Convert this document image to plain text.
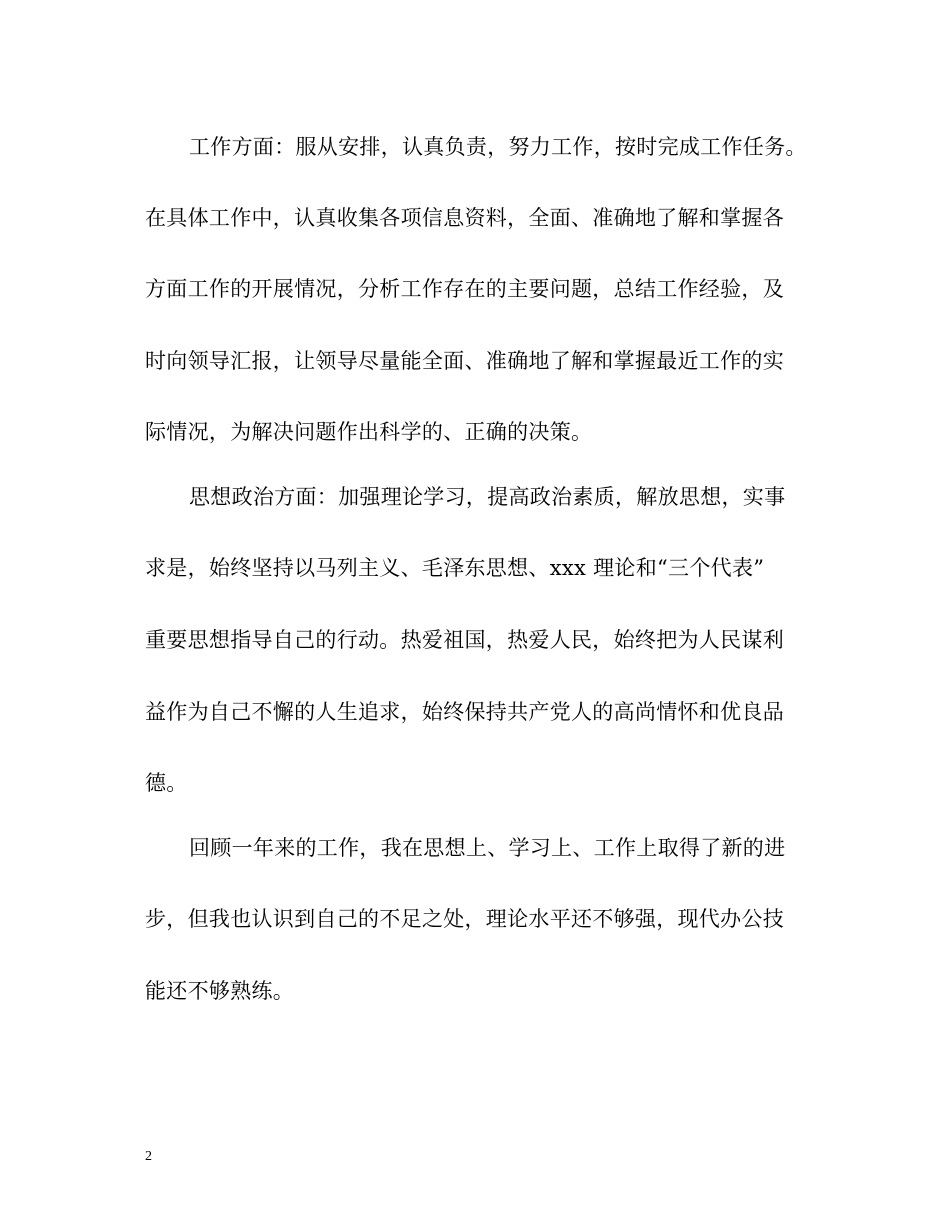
工作方面：服从安排，认真负责，努力工作，按时完成工作任务。
在具体工作中，认真收集各项信息资料，全面、准确地了解和掌握各
方面工作的开展情况，分析工作存在的主要问题，总结工作经验，及
时向领导汇报，让领导尽量能全面、准确地了解和掌握最近工作的实
际情况，为解决问题作出科学的、正确的决策。
思想政治方面：加强理论学习，提高政治素质，解放思想，实事
求是，始终坚持以马列主义、毛泽东思想、xxx 理论和“三个代表”
重要思想指导自己的行动。热爱祖国，热爱人民，始终把为人民谋利
益作为自己不懈的人生追求，始终保持共产党人的高尚情怀和优良品
德。
回顾一年来的工作，我在思想上、学习上、工作上取得了新的进
步，但我也认识到自己的不足之处，理论水平还不够强，现代办公技
能还不够熟练。
2
